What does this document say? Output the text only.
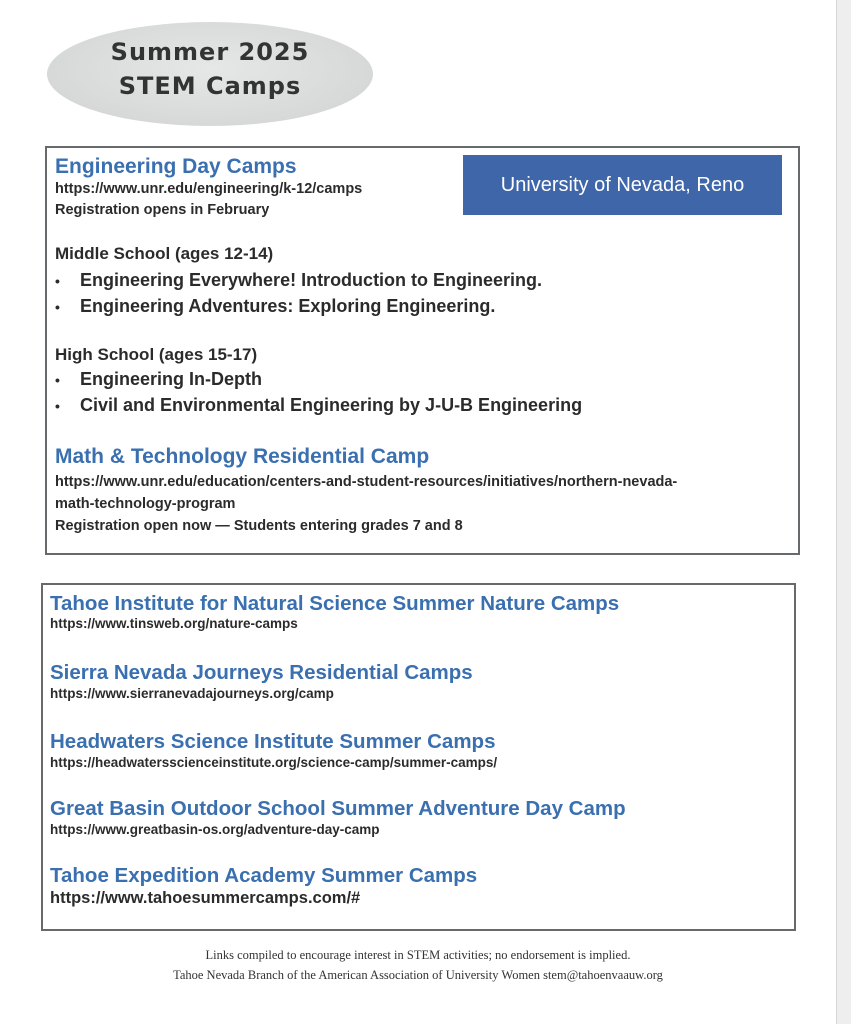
Summer 2025
STEM Camps
University of Nevada, Reno
Engineering Day Camps
https://www.unr.edu/engineering/k-12/camps
Registration opens in February
Middle School (ages 12-14)
• Engineering Everywhere! Introduction to Engineering.
• Engineering Adventures: Exploring Engineering.
High School (ages 15-17)
• Engineering In-Depth
• Civil and Environmental Engineering by J-U-B Engineering
Math & Technology Residential Camp
https://www.unr.edu/education/centers-and-student-resources/initiatives/northern-nevada-
math-technology-program
Registration open now — Students entering grades 7 and 8
Tahoe Institute for Natural Science Summer Nature Camps
https://www.tinsweb.org/nature-camps
Sierra Nevada Journeys Residential Camps
https://www.sierranevadajourneys.org/camp
Headwaters Science Institute Summer Camps
https://headwatersscienceinstitute.org/science-camp/summer-camps/
Great Basin Outdoor School Summer Adventure Day Camp
https://www.greatbasin-os.org/adventure-day-camp
Tahoe Expedition Academy Summer Camps
https://www.tahoesummercamps.com/#
Links compiled to encourage interest in STEM activities; no endorsement is implied.
Tahoe Nevada Branch of the American Association of University Women stem@tahoenvaauw.org
